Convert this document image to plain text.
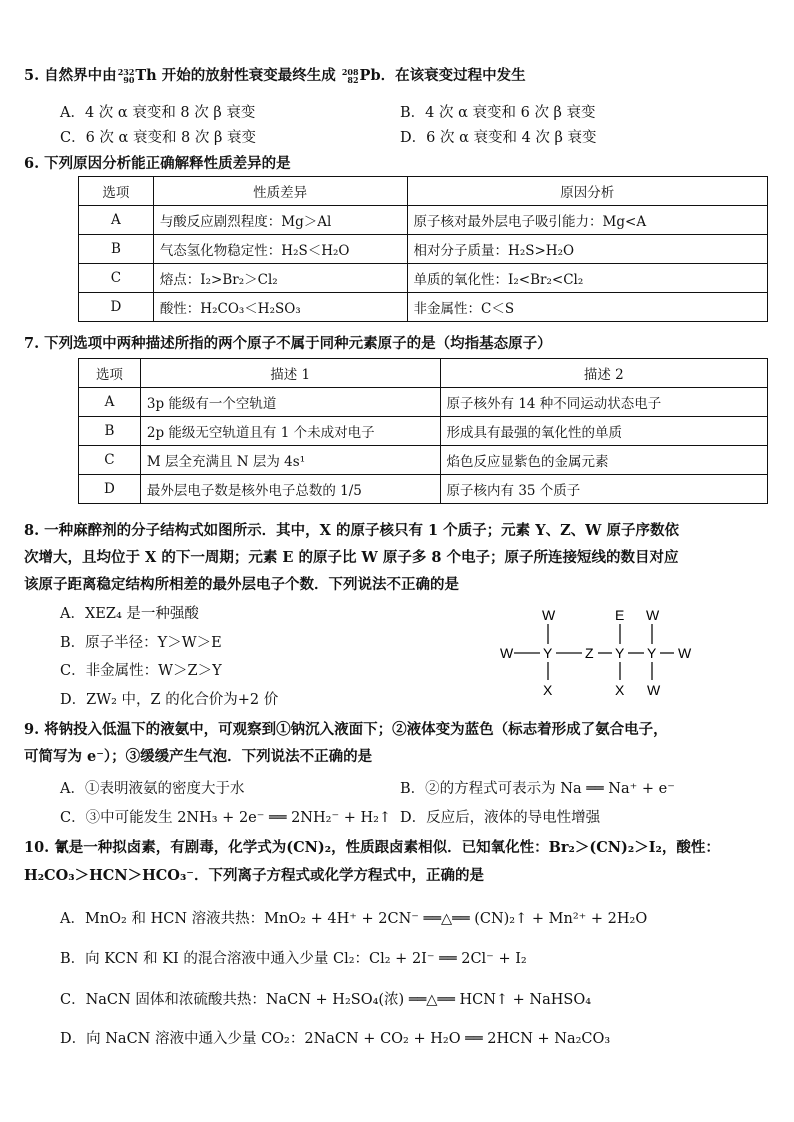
5. 自然界中由232
90Th 开始的放射性衰变最终生成 208
82Pb．在该衰变过程中发生
A．4 次 α 衰变和 8 次 β 衰变	B．4 次 α 衰变和 6 次 β 衰变
C．6 次 α 衰变和 8 次 β 衰变	D．6 次 α 衰变和 4 次 β 衰变
6. 下列原因分析能正确解释性质差异的是
选项	性质差异	原因分析
A	与酸反应剧烈程度：Mg＞Al	原子核对最外层电子吸引能力：Mg<A
B	气态氢化物稳定性：H₂S＜H₂O	相对分子质量：H₂S>H₂O
C	熔点：I₂>Br₂＞Cl₂	单质的氧化性：I₂<Br₂<Cl₂
D	酸性：H₂CO₃＜H₂SO₃	非金属性：C＜S
7. 下列选项中两种描述所指的两个原子不属于同种元素原子的是（均指基态原子）
选项	描述 1	描述 2
A	3p 能级有一个空轨道	原子核外有 14 种不同运动状态电子
B	2p 能级无空轨道且有 1 个未成对电子	形成具有最强的氧化性的单质
C	M 层全充满且 N 层为 4s¹	焰色反应显紫色的金属元素
D	最外层电子数是核外电子总数的 1/5	原子核内有 35 个质子
8. 一种麻醉剂的分子结构式如图所示．其中，X 的原子核只有 1 个质子；元素 Y、Z、W 原子序数依
次增大，且均位于 X 的下一周期；元素 E 的原子比 W 原子多 8 个电子；原子所连接短线的数目对应
该原子距离稳定结构所相差的最外层电子个数．下列说法不正确的是
A．XEZ₄ 是一种强酸
B．原子半径：Y＞W＞E
C．非金属性：W＞Z＞Y
D．ZW₂ 中，Z 的化合价为+2 价
W Y Z Y Y W
W
X
E
X
W
W
9. 将钠投入低温下的液氨中，可观察到①钠沉入液面下；②液体变为蓝色（标志着形成了氨合电子，
可简写为 e⁻）；③缓缓产生气泡．下列说法不正确的是
A．①表明液氨的密度大于水	B．②的方程式可表示为 Na ══ Na⁺ + e⁻
C．③中可能发生 2NH₃ + 2e⁻ ══ 2NH₂⁻ + H₂↑ D．反应后，液体的导电性增强
10. 氰是一种拟卤素，有剧毒，化学式为(CN)₂，性质跟卤素相似．已知氧化性：Br₂＞(CN)₂＞I₂，酸性：
H₂CO₃＞HCN＞HCO₃⁻．下列离子方程式或化学方程式中，正确的是
A．MnO₂ 和 HCN 溶液共热：MnO₂ + 4H⁺ + 2CN⁻ ══△══ (CN)₂↑ + Mn²⁺ + 2H₂O
B．向 KCN 和 KI 的混合溶液中通入少量 Cl₂：Cl₂ + 2I⁻ ══ 2Cl⁻ + I₂
C．NaCN 固体和浓硫酸共热：NaCN + H₂SO₄(浓) ══△══ HCN↑ + NaHSO₄
D．向 NaCN 溶液中通入少量 CO₂：2NaCN + CO₂ + H₂O ══ 2HCN + Na₂CO₃
